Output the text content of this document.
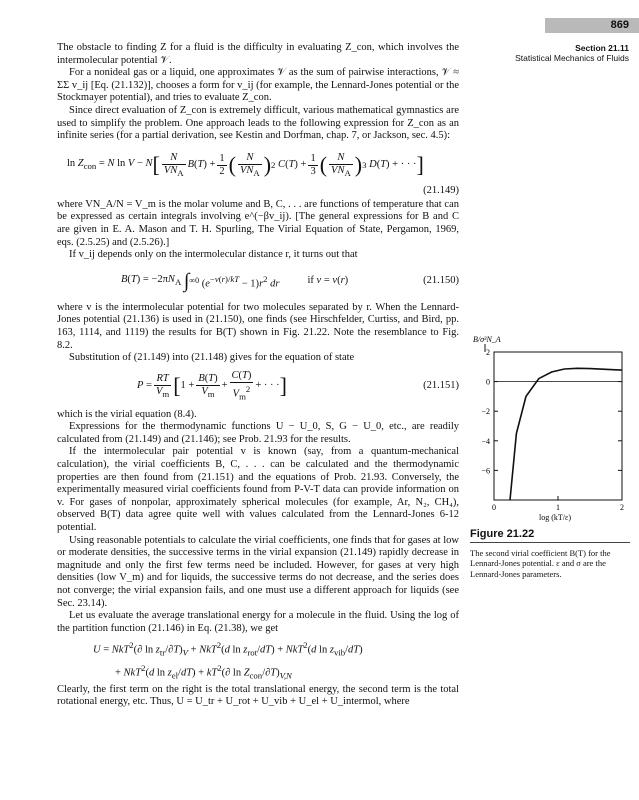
869
Section 21.11
Statistical Mechanics of Fluids

The obstacle to finding Z for a fluid is the difficulty in evaluating Z_con, which involves the intermolecular potential 𝒱.

For a nonideal gas or a liquid, one approximates 𝒱 as the sum of pairwise interactions, 𝒱 ≈ ΣΣ v_ij [Eq. (21.132)], chooses a form for v_ij (for example, the Lennard-Jones potential or the Stockmayer potential), and tries to evaluate Z_con.

Since direct evaluation of Z_con is extremely difficult, various mathematical gymnastics are used to simplify the problem. One approach leads to the following expression for Z_con as an infinite series (for a partial derivation, see Kestin and Dorfman, chap. 7, or Jackson, sec. 4.5):

$\ln Z_{con} = N$ ln V − N [ $\frac{N}{VN_A} B(T) + \frac{1}{2}$ ( $\frac{N}{VN_A}$ ) 2 $C(T) + \frac{1}{3}$ ( $\frac{N}{VN_A}$ ) 3 D(T) + · · · ]
(21.149)

where VN_A/N = V_m is the molar volume and B, C, . . . are functions of temperature that can be expressed as certain integrals involving e^(−βv_ij). [The general expressions for B and C are given in E. A. Mason and T. H. Spurling, The Virial Equation of State, Pergamon, 1969, eqs. (2.5.25) and (2.5.26).]

If v_ij depends only on the intermolecular distance r, it turns out that

$B(T) = -2\pi N_A$ ∫ ∞ 0 $(e^{-v(r)/kT} - 1)r^2$ dr	if v = v(r)	(21.150)

where v is the intermolecular potential for two molecules separated by r. When the Lennard-Jones potential (21.136) is used in (21.150), one finds (see Hirschfelder, Curtiss, and Bird, pp. 163, 1114, and 1119) the results for B(T) shown in Fig. 21.22. Note the resemblance to Fig. 8.2.

Substitution of (21.149) into (21.148) gives for the equation of state

$P = \frac{RT}{V_m}$ [ $1 + \frac{B(T)}{V_m} + \frac{C(T)}{V_m^2}$ + · · · ]	(21.151)

which is the virial equation (8.4).

Expressions for the thermodynamic functions U − U_0, S, G − U_0, etc., are readily calculated from (21.149) and (21.146); see Prob. 21.93 for the results.

If the intermolecular pair potential v is known (say, from a quantum-mechanical calculation), the virial coefficients B, C, . . . can be calculated and the thermodynamic properties are then found from (21.151) and the equations of Prob. 21.93. Conversely, the experimentally measured virial coefficients found from P-V-T data can provide information on v. For gases of nonpolar, approximately spherical molecules (for example, Ar, N₂, CH₄), observed B(T) data agree quite well with values calculated from the Lennard-Jones 6-12 potential.

Using reasonable potentials to calculate the virial coefficients, one finds that for gases at low or moderate densities, the successive terms in the virial expansion (21.149) rapidly decrease in magnitude and only the first few terms need be included. However, for gases at very high densities (low V_m) and for liquids, the successive terms do not decrease, and the series does not converge; the virial expansion fails, and one must use a different approach for liquids (see Sec. 23.14).

Let us evaluate the average translational energy for a molecule in the fluid. Using the log of the partition function (21.146) in Eq. (21.38), we get

U = NkT$^2$(∂ $\ln z_{tr}/\partial T)_V + NkT^2(d$ $\ln z_{rot}/dT) + NkT^2(d$ $\ln z_{vib}/dT$)
+ NkT$^2$(d $\ln z_{el}/dT) + kT^2(\partial$ $\ln Z_{con}/\partial T)_{V,N}$

Clearly, the first term on the right is the total translational energy, the second term is the total rotational energy, etc. Thus, U = U_tr + U_rot + U_vib + U_el + U_intermol, where

B/σ³N_A
2
0
−2
−4
−6
0	1	2
log (kT/ε)
Figure 21.22
The second virial coefficient B(T) for the Lennard-Jones potential. ε and σ are the Lennard-Jones parameters.
